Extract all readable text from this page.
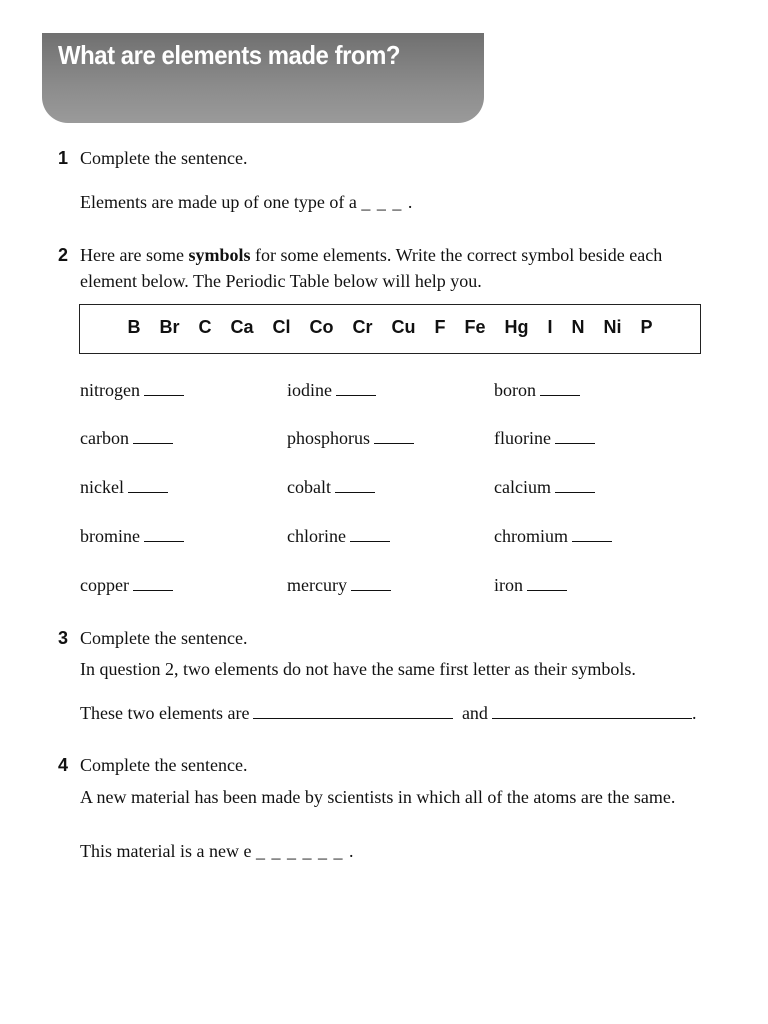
What are elements made from?
1 Complete the sentence.
Elements are made up of one type of a _ _ _ .
2 Here are some symbols for some elements. Write the correct symbol beside each
element below. The Periodic Table below will help you.
B Br C Ca Cl Co Cr Cu F Fe Hg I N Ni P
nitrogen	iodine	boron
carbon	phosphorus	fluorine
nickel	cobalt	calcium
bromine	chlorine	chromium
copper	mercury	iron
3 Complete the sentence.
In question 2, two elements do not have the same first letter as their symbols.
These two elements are	and	.
4 Complete the sentence.
A new material has been made by scientists in which all of the atoms are the same.
This material is a new e _ _ _ _ _ _ .
